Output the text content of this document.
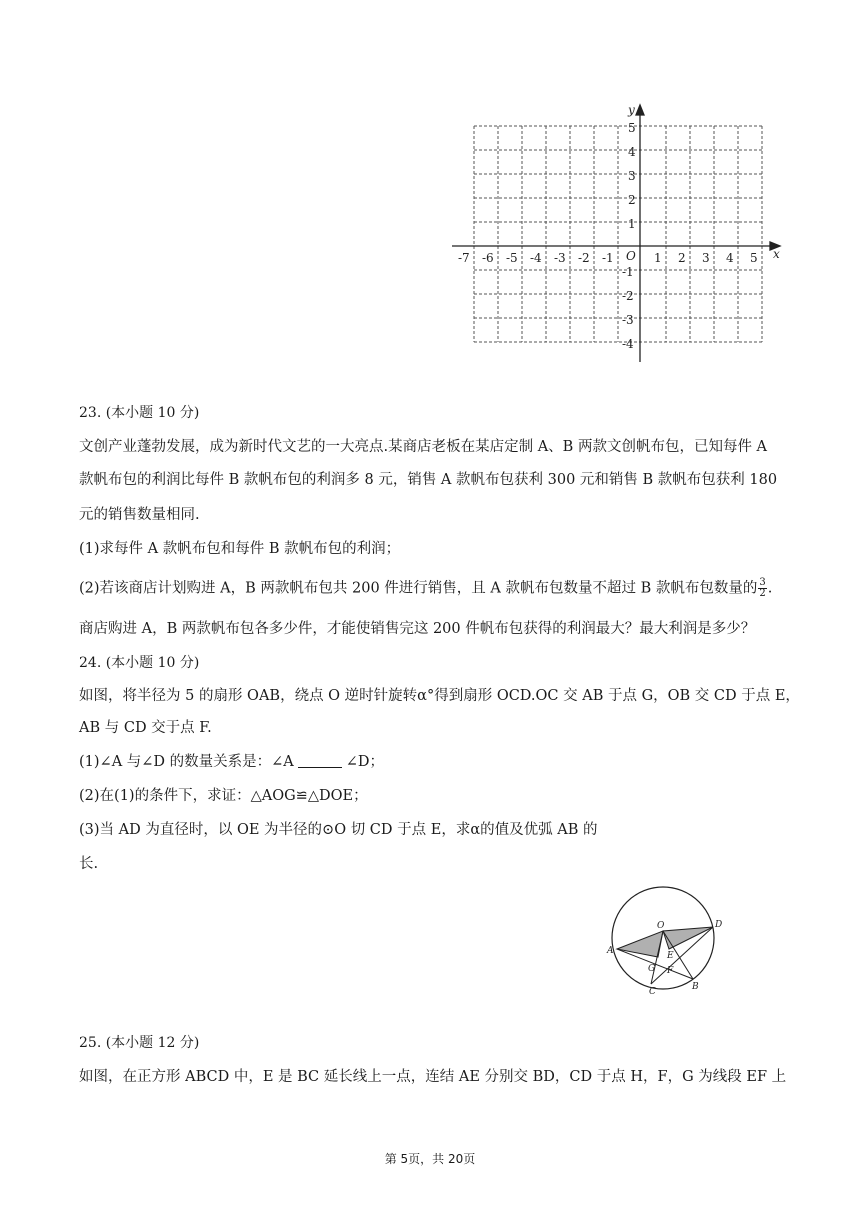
x
y
O
-7 -6 -5 -4 -3 -2 -1	1 2 3 4 5
5
4
3
2
1
-1
-2
-3
-4
23. (本小题 10 分)
文创产业蓬勃发展，成为新时代文艺的一大亮点.某商店老板在某店定制 A、B 两款文创帆布包，已知每件 A
款帆布包的利润比每件 B 款帆布包的利润多 8 元，销售 A 款帆布包获利 300 元和销售 B 款帆布包获利 180
元的销售数量相同.
(1)求每件 A 款帆布包和每件 B 款帆布包的利润；
(2)若该商店计划购进 A，B 两款帆布包共 200 件进行销售，且 A 款帆布包数量不超过 B 款帆布包数量的 $\frac{3}{2}$ .
商店购进 A，B 两款帆布包各多少件，才能使销售完这 200 件帆布包获得的利润最大？最大利润是多少？
24. (本小题 10 分)
如图，将半径为 5 的扇形 OAB，绕点 O 逆时针旋转α°得到扇形 OCD.OC 交 AB 于点 G，OB 交 CD 于点 E，
AB 与 CD 交于点 F.
(1)∠A 与∠D 的数量关系是：∠A	∠D；
(2)在(1)的条件下，求证：△AOG≌△DOE；
(3)当 AD 为直径时，以 OE 为半径的⊙O 切 CD 于点 E，求α的值及优弧 AB 的
长.
O	D
A	E
G F
B
C
25. (本小题 12 分)
如图，在正方形 ABCD 中，E 是 BC 延长线上一点，连结 AE 分别交 BD，CD 于点 H，F，G 为线段 EF 上
第 5页，共 20页
